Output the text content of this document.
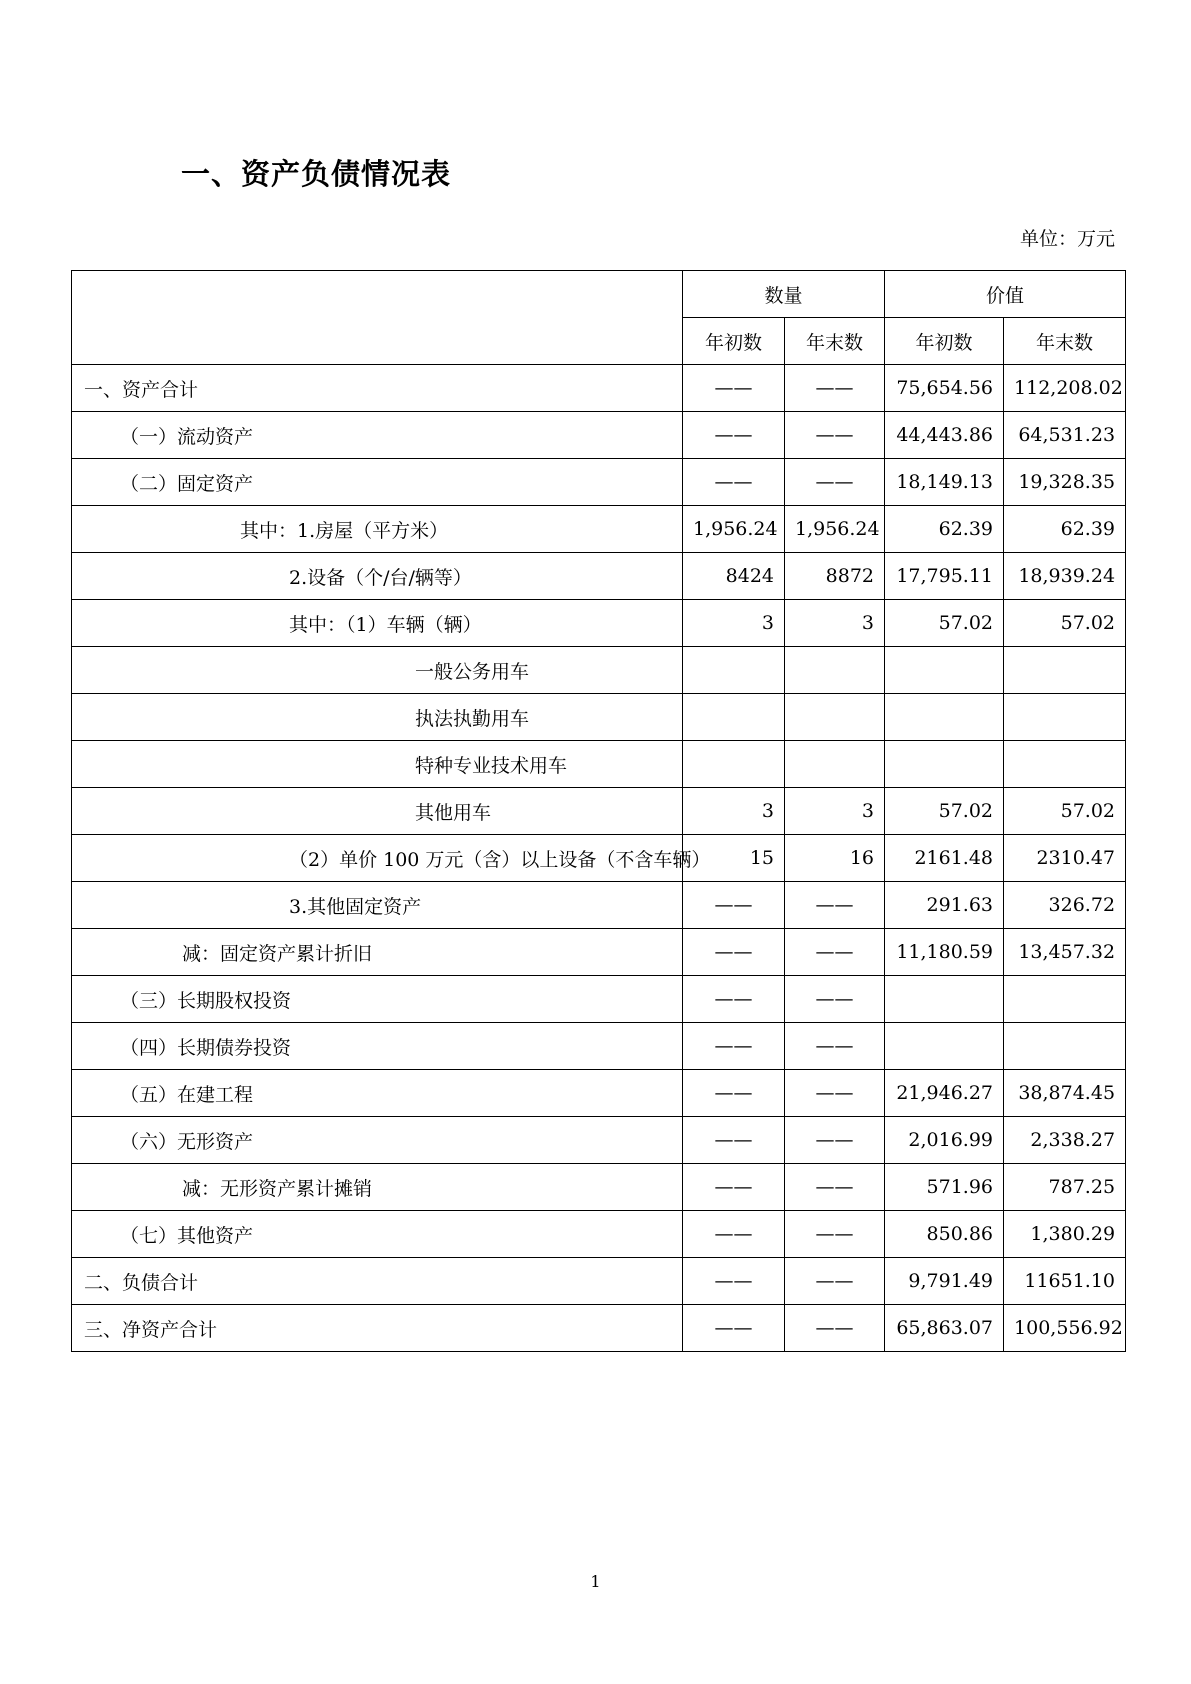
一、资产负债情况表
单位：万元
	数量		价值	
	年初数	年末数	年初数	年末数
一、资产合计	——	——	75,654.56	112,208.02
（一）流动资产	——	——	44,443.86	64,531.23
（二）固定资产	——	——	18,149.13	19,328.35
其中：1.房屋（平方米）	1,956.24	1,956.24	62.39	62.39
2.设备（个/台/辆等）	8424	8872	17,795.11	18,939.24
其中：（1）车辆（辆）	3	3	57.02	57.02
一般公务用车				
执法执勤用车				
特种专业技术用车				
其他用车	3	3	57.02	57.02
（2）单价 100 万元（含）以上设备（不含车辆）	15	16	2161.48	2310.47
3.其他固定资产	——	——	291.63	326.72
减：固定资产累计折旧	——	——	11,180.59	13,457.32
（三）长期股权投资	——	——		
（四）长期债券投资	——	——		
（五）在建工程	——	——	21,946.27	38,874.45
（六）无形资产	——	——	2,016.99	2,338.27
减：无形资产累计摊销	——	——	571.96	787.25
（七）其他资产	——	——	850.86	1,380.29
二、负债合计	——	——	9,791.49	11651.10
三、净资产合计	——	——	65,863.07	100,556.92
1
